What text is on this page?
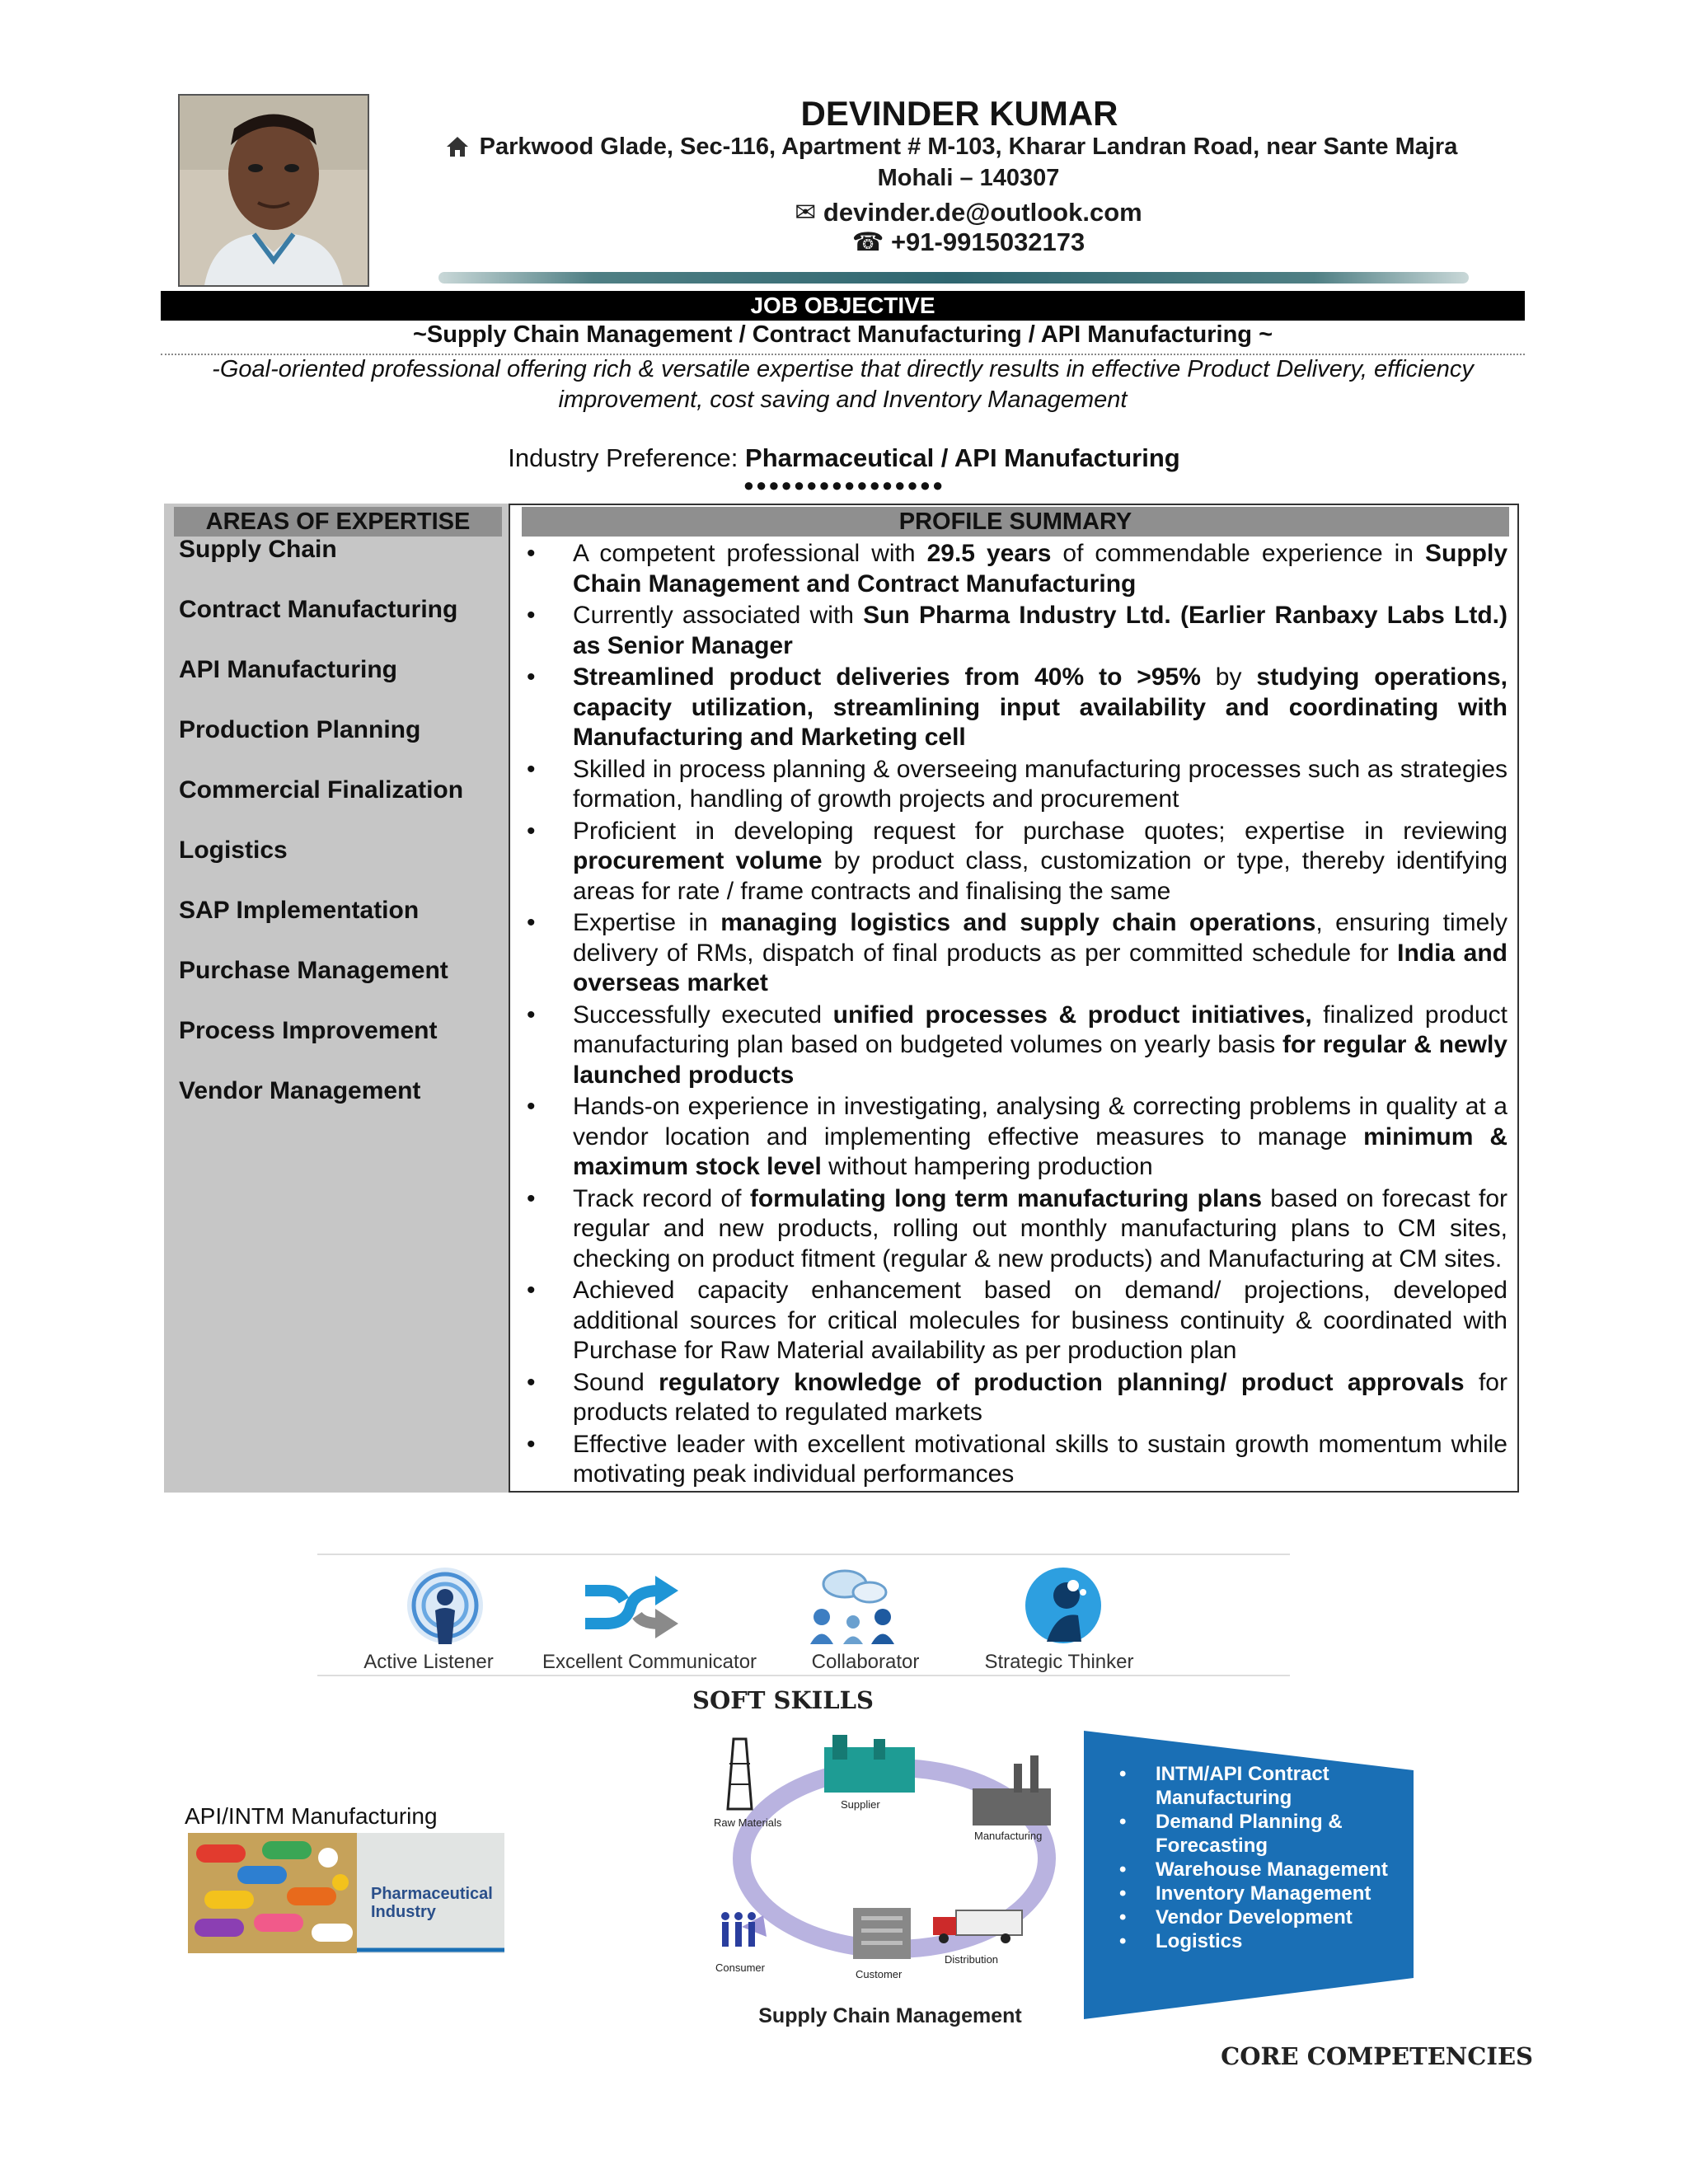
DEVINDER KUMAR
Parkwood Glade, Sec-116, Apartment # M-103, Kharar Landran Road, near Sante Majra
Mohali – 140307
✉ devinder.de@outlook.com
☎ +91-9915032173
JOB OBJECTIVE
~Supply Chain Management / Contract Manufacturing / API Manufacturing ~
-Goal-oriented professional offering rich & versatile expertise that directly results in effective Product Delivery, efficiency improvement, cost saving and Inventory Management
Industry Preference: Pharmaceutical / API Manufacturing
●●●●●●●●●●●●●●●●
AREAS OF EXPERTISE	PROFILE SUMMARY
Supply Chain
Contract Manufacturing
API Manufacturing
Production Planning
Commercial Finalization
Logistics
SAP Implementation
Purchase Management
Process Improvement
Vendor Management
• A competent professional with 29.5 years of commendable experience in Supply Chain Management and Contract Manufacturing
• Currently associated with Sun Pharma Industry Ltd. (Earlier Ranbaxy Labs Ltd.) as Senior Manager
• Streamlined product deliveries from 40% to >95% by studying operations, capacity utilization, streamlining input availability and coordinating with Manufacturing and Marketing cell
• Skilled in process planning & overseeing manufacturing processes such as strategies formation, handling of growth projects and procurement
• Proficient in developing request for purchase quotes; expertise in reviewing procurement volume by product class, customization or type, thereby identifying areas for rate / frame contracts and finalising the same
• Expertise in managing logistics and supply chain operations, ensuring timely delivery of RMs, dispatch of final products as per committed schedule for India and overseas market
• Successfully executed unified processes & product initiatives, finalized product manufacturing plan based on budgeted volumes on yearly basis for regular & newly launched products
• Hands-on experience in investigating, analysing & correcting problems in quality at a vendor location and implementing effective measures to manage minimum & maximum stock level without hampering production
• Track record of formulating long term manufacturing plans based on forecast for regular and new products, rolling out monthly manufacturing plans to CM sites, checking on product fitment (regular & new products) and Manufacturing at CM sites.
• Achieved capacity enhancement based on demand/ projections, developed additional sources for critical molecules for business continuity & coordinated with Purchase for Raw Material availability as per production plan
• Sound regulatory knowledge of production planning/ product approvals for products related to regulated markets
• Effective leader with excellent motivational skills to sustain growth momentum while motivating peak individual performances
Active Listener	Excellent Communicator	Collaborator	Strategic Thinker
SOFT SKILLS
API/INTM Manufacturing
Pharmaceutical
Industry
Raw Materials
Supplier
Manufacturing
Distribution
Customer
Consumer
Supply Chain Management
• INTM/API Contract Manufacturing
• Demand Planning & Forecasting
• Warehouse Management
• Inventory Management
• Vendor Development
• Logistics
CORE COMPETENCIES
